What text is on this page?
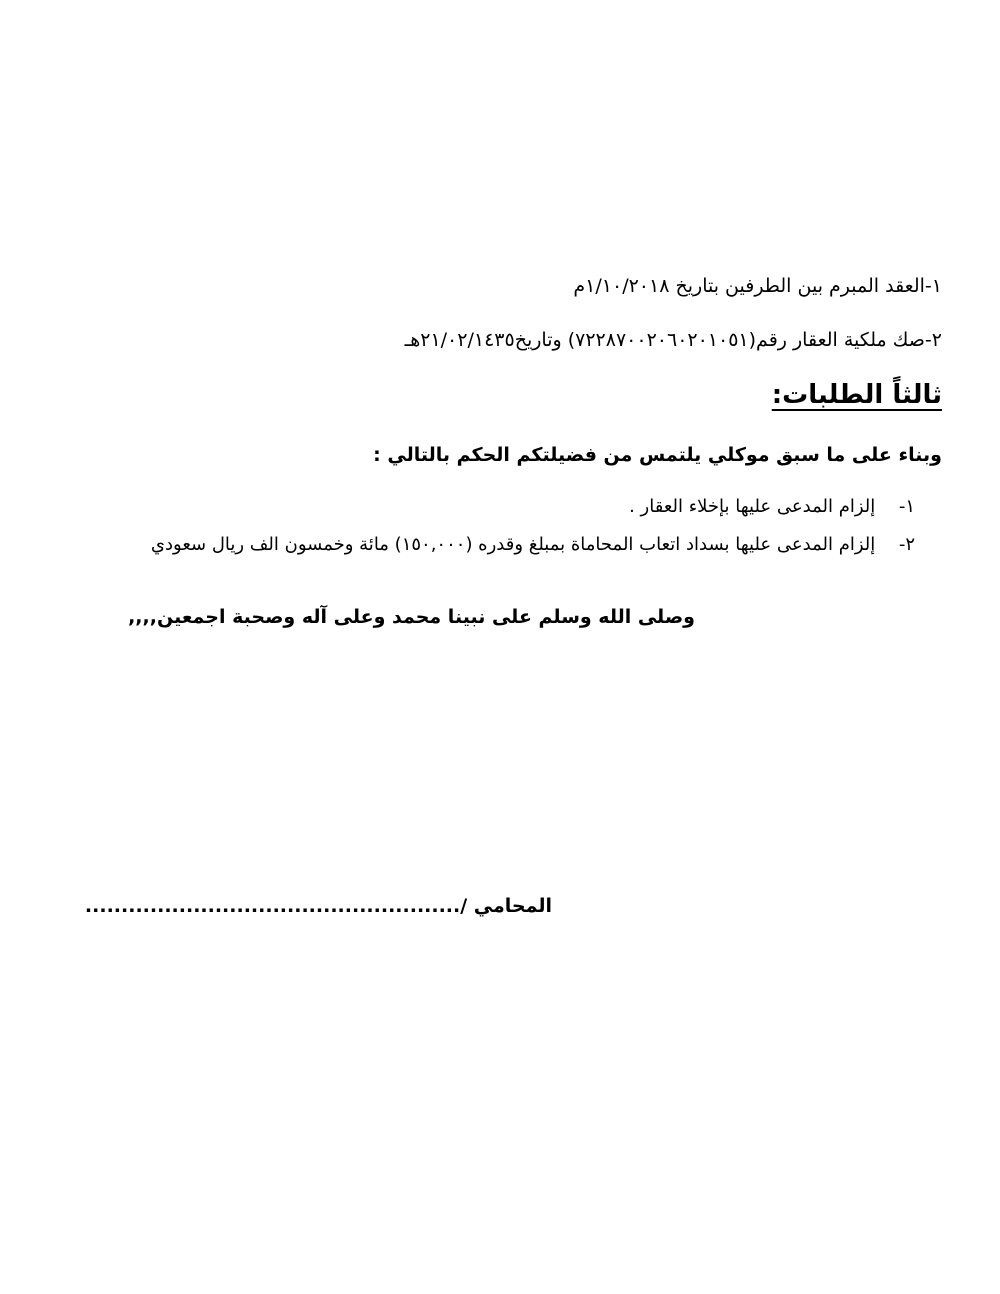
١-العقد المبرم بين الطرفين بتاريخ ١/١٠/٢٠١٨م
٢-صك ملكية العقار رقم(٧٢٢٨٧٠٠٢٠٦٠٢٠١٠٥١) وتاريخ٢١/٠٢/١٤٣٥هـ
ثالثاً الطلبات:
وبناء على ما سبق موكلي يلتمس من فضيلتكم الحكم بالتالي :
١- إلزام المدعى عليها بإخلاء العقار .
٢- إلزام المدعى عليها بسداد اتعاب المحاماة بمبلغ وقدره (١٥٠,٠٠٠) مائة وخمسون الف ريال سعودي
وصلى الله وسلم على نبينا محمد وعلى آله وصحبة اجمعين,,,,
المحامي /....................................................
